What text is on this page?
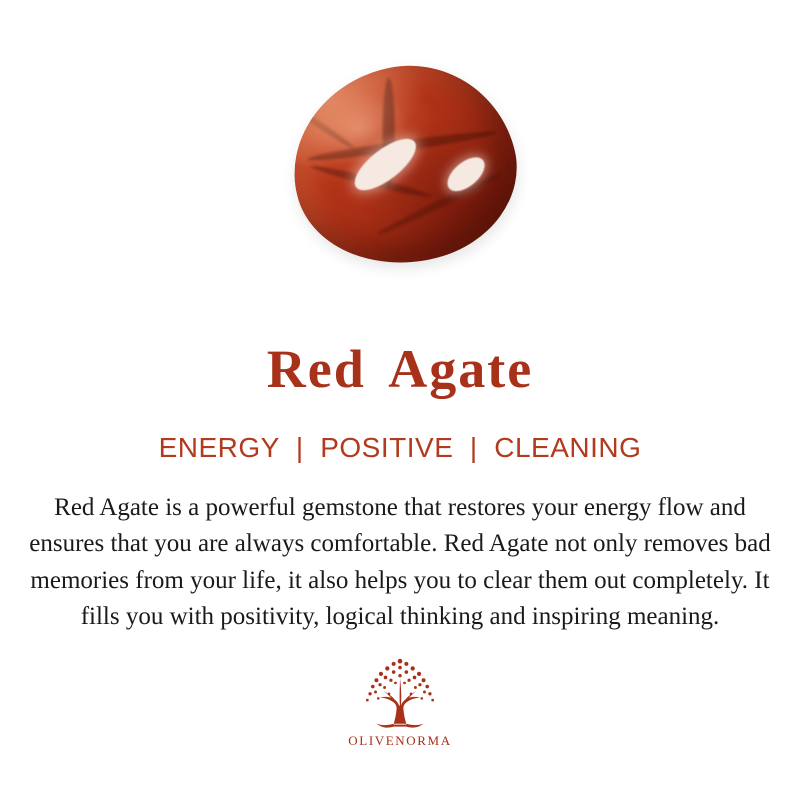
Red Agate
ENERGY  |  POSITIVE  |  CLEANING
Red Agate is a powerful gemstone that restores your energy flow and ensures that you are always comfortable. Red Agate not only removes bad memories from your life, it also helps you to clear them out completely. It fills you with positivity, logical thinking and inspiring meaning.
OLIVENORMA
